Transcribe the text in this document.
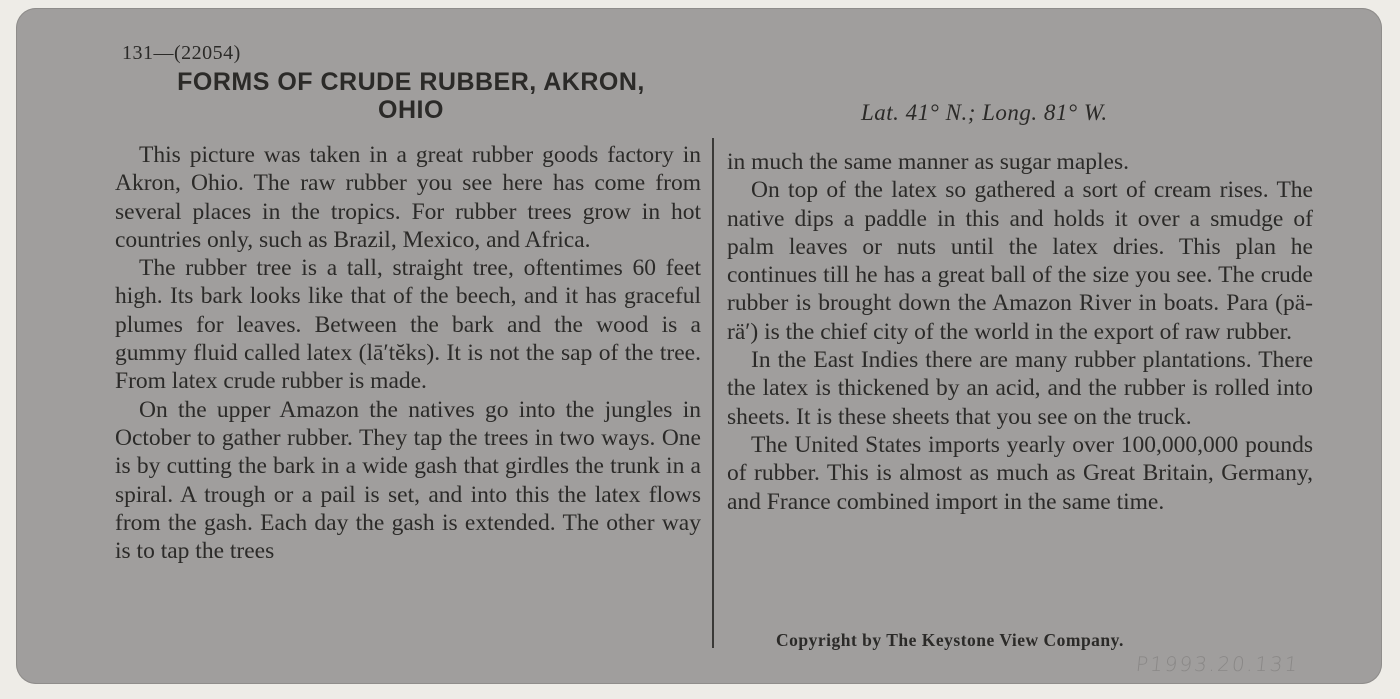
131—(22054)
FORMS OF CRUDE RUBBER, AKRON,
OHIO	Lat. 41° N.; Long. 81° W.

This picture was taken in a great rubber goods factory in Akron, Ohio. The raw rubber you see here has come from several places in the tropics. For rubber trees grow in hot countries only, such as Brazil, Mexico, and Africa.

The rubber tree is a tall, straight tree, oftentimes 60 feet high. Its bark looks like that of the beech, and it has graceful plumes for leaves. Between the bark and the wood is a gummy fluid called latex (lā′tĕks). It is not the sap of the tree. From latex crude rubber is made.

On the upper Amazon the natives go into the jungles in October to gather rubber. They tap the trees in two ways. One is by cutting the bark in a wide gash that girdles the trunk in a spiral. A trough or a pail is set, and into this the latex flows from the gash. Each day the gash is extended. The other way is to tap the trees

in much the same manner as sugar maples.

On top of the latex so gathered a sort of cream rises. The native dips a paddle in this and holds it over a smudge of palm leaves or nuts until the latex dries. This plan he continues till he has a great ball of the size you see. The crude rubber is brought down the Amazon River in boats. Para (pä-rä′) is the chief city of the world in the export of raw rubber.

In the East Indies there are many rubber plantations. There the latex is thickened by an acid, and the rubber is rolled into sheets. It is these sheets that you see on the truck.

The United States imports yearly over 100,000,000 pounds of rubber. This is almost as much as Great Britain, Germany, and France combined import in the same time.

Copyright by The Keystone View Company.
P1993.20.131
